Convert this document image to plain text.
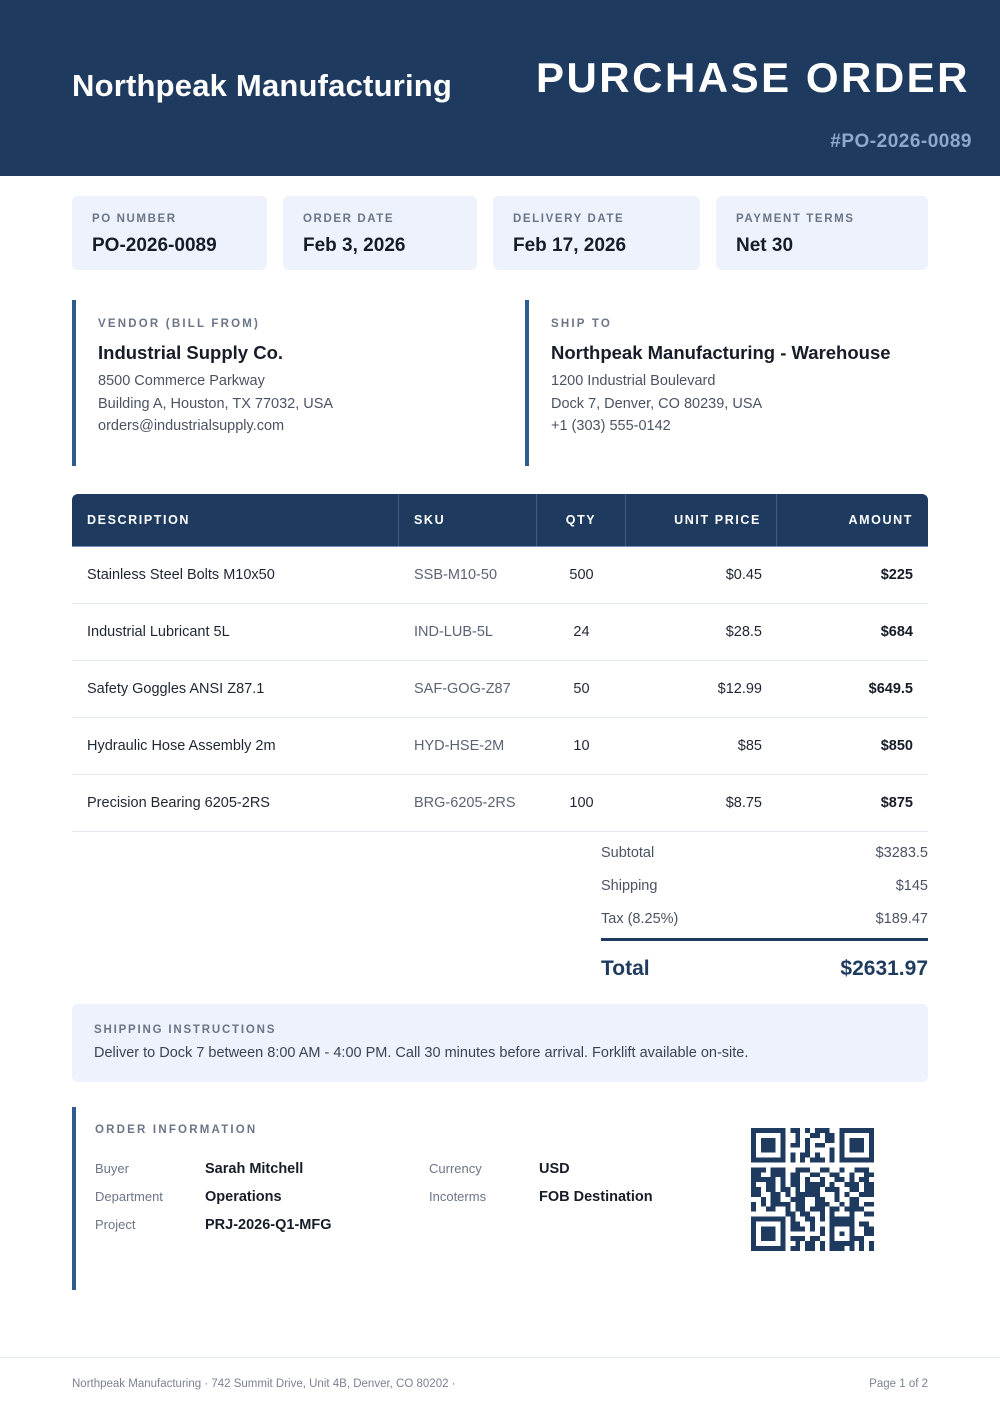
Northpeak Manufacturing PURCHASE ORDER
#PO-2026-0089
PO NUMBER
PO-2026-0089
ORDER DATE
Feb 3, 2026
DELIVERY DATE
Feb 17, 2026
PAYMENT TERMS
Net 30
VENDOR (BILL FROM)
Industrial Supply Co.
8500 Commerce Parkway
Building A, Houston, TX 77032, USA
orders@industrialsupply.com
SHIP TO
Northpeak Manufacturing - Warehouse
1200 Industrial Boulevard
Dock 7, Denver, CO 80239, USA
+1 (303) 555-0142
DESCRIPTION	SKU	QTY	UNIT PRICE	AMOUNT
Stainless Steel Bolts M10x50	SSB-M10-50	500	$0.45	$225
Industrial Lubricant 5L	IND-LUB-5L	24	$28.5	$684
Safety Goggles ANSI Z87.1	SAF-GOG-Z87	50	$12.99	$649.5
Hydraulic Hose Assembly 2m	HYD-HSE-2M	10	$85	$850
Precision Bearing 6205-2RS	BRG-6205-2RS	100	$8.75	$875
Subtotal	$3283.5
Shipping	$145
Tax (8.25%)	$189.47
Total	$2631.97
SHIPPING INSTRUCTIONS
Deliver to Dock 7 between 8:00 AM - 4:00 PM. Call 30 minutes before arrival. Forklift available on-site.
ORDER INFORMATION
Buyer	Sarah Mitchell
Department	Operations
Project	PRJ-2026-Q1-MFG
Currency	USD
Incoterms	FOB Destination
Northpeak Manufacturing · 742 Summit Drive, Unit 4B, Denver, CO 80202 ·	Page 1 of 2
